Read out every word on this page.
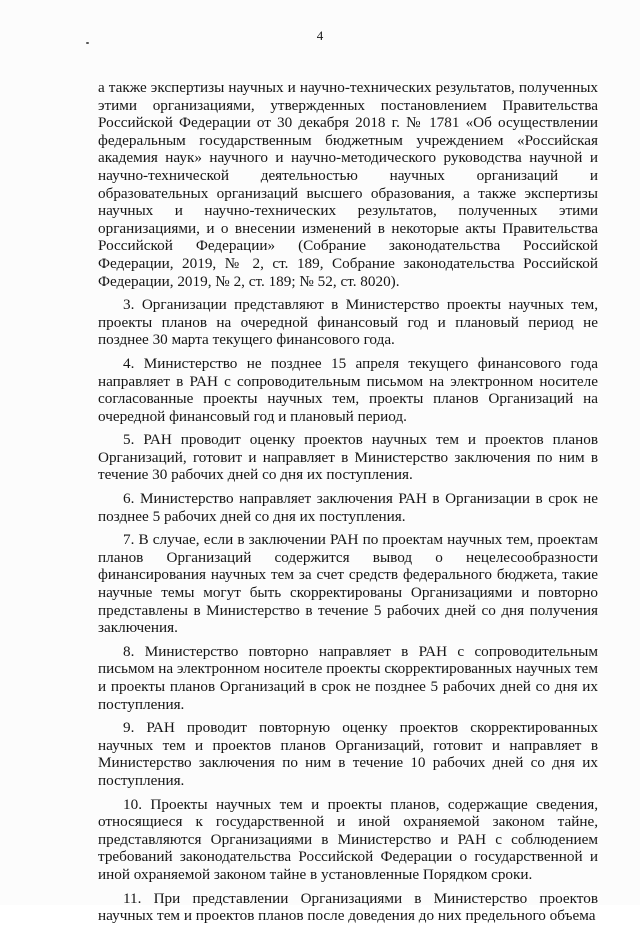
4

а также экспертизы научных и научно-технических результатов, полученных этими организациями, утвержденных постановлением Правительства Российской Федерации от 30 декабря 2018 г. № 1781 «Об осуществлении федеральным государственным бюджетным учреждением «Российская академия наук» научного и научно-методического руководства научной и научно-технической деятельностью научных организаций и образовательных организаций высшего образования, а также экспертизы научных и научно-технических результатов, полученных этими организациями, и о внесении изменений в некоторые акты Правительства Российской Федерации» (Собрание законодательства Российской Федерации, 2019, № 2, ст. 189, Собрание законодательства Российской Федерации, 2019, № 2, ст. 189; № 52, ст. 8020).

3. Организации представляют в Министерство проекты научных тем, проекты планов на очередной финансовый год и плановый период не позднее 30 марта текущего финансового года.

4. Министерство не позднее 15 апреля текущего финансового года направляет в РАН с сопроводительным письмом на электронном носителе согласованные проекты научных тем, проекты планов Организаций на очередной финансовый год и плановый период.

5. РАН проводит оценку проектов научных тем и проектов планов Организаций, готовит и направляет в Министерство заключения по ним в течение 30 рабочих дней со дня их поступления.

6. Министерство направляет заключения РАН в Организации в срок не позднее 5 рабочих дней со дня их поступления.

7. В случае, если в заключении РАН по проектам научных тем, проектам планов Организаций содержится вывод о нецелесообразности финансирования научных тем за счет средств федерального бюджета, такие научные темы могут быть скорректированы Организациями и повторно представлены в Министерство в течение 5 рабочих дней со дня получения заключения.

8. Министерство повторно направляет в РАН с сопроводительным письмом на электронном носителе проекты скорректированных научных тем и проекты планов Организаций в срок не позднее 5 рабочих дней со дня их поступления.

9. РАН проводит повторную оценку проектов скорректированных научных тем и проектов планов Организаций, готовит и направляет в Министерство заключения по ним в течение 10 рабочих дней со дня их поступления.

10. Проекты научных тем и проекты планов, содержащие сведения, относящиеся к государственной и иной охраняемой законом тайне, представляются Организациями в Министерство и РАН с соблюдением требований законодательства Российской Федерации о государственной и иной охраняемой законом тайне в установленные Порядком сроки.

11. При представлении Организациями в Министерство проектов научных тем и проектов планов после доведения до них предельного объема
